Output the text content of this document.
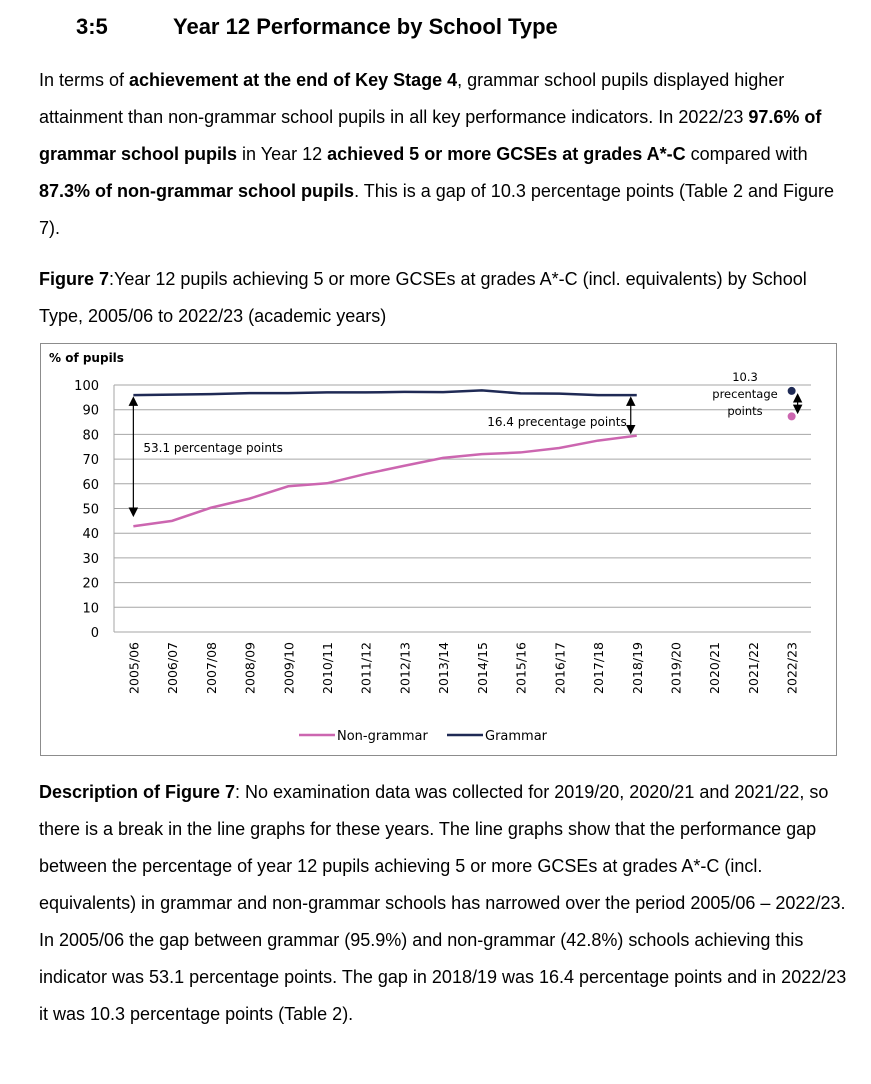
3:5	Year 12 Performance by School Type
In terms of achievement at the end of Key Stage 4, grammar school pupils displayed higher attainment than non-grammar school pupils in all key performance indicators. In 2022/23 97.6% of grammar school pupils in Year 12 achieved 5 or more GCSEs at grades A*-C compared with 87.3% of non-grammar school pupils. This is a gap of 10.3 percentage points (Table 2 and Figure 7).
Figure 7:Year 12 pupils achieving 5 or more GCSEs at grades A*-C (incl. equivalents) by School Type, 2005/06 to 2022/23 (academic years)
% of pupils
0
10
20
30
40
50
60
70
80
90
100
2005/06 2006/07 2007/08 2008/09 2009/10 2010/11 2011/12 2012/13 2013/14 2014/15 2015/16 2016/17 2017/18 2018/19 2019/20 2020/21 2021/22 2022/23
53.1 percentage points
16.4 precentage points
10.3
precentage
points
Non-grammar	Grammar
Description of Figure 7: No examination data was collected for 2019/20, 2020/21 and 2021/22, so there is a break in the line graphs for these years. The line graphs show that the performance gap between the percentage of year 12 pupils achieving 5 or more GCSEs at grades A*-C (incl. equivalents) in grammar and non-grammar schools has narrowed over the period 2005/06 – 2022/23. In 2005/06 the gap between grammar (95.9%) and non-grammar (42.8%) schools achieving this indicator was 53.1 percentage points. The gap in 2018/19 was 16.4 percentage points and in 2022/23 it was 10.3 percentage points (Table 2).
